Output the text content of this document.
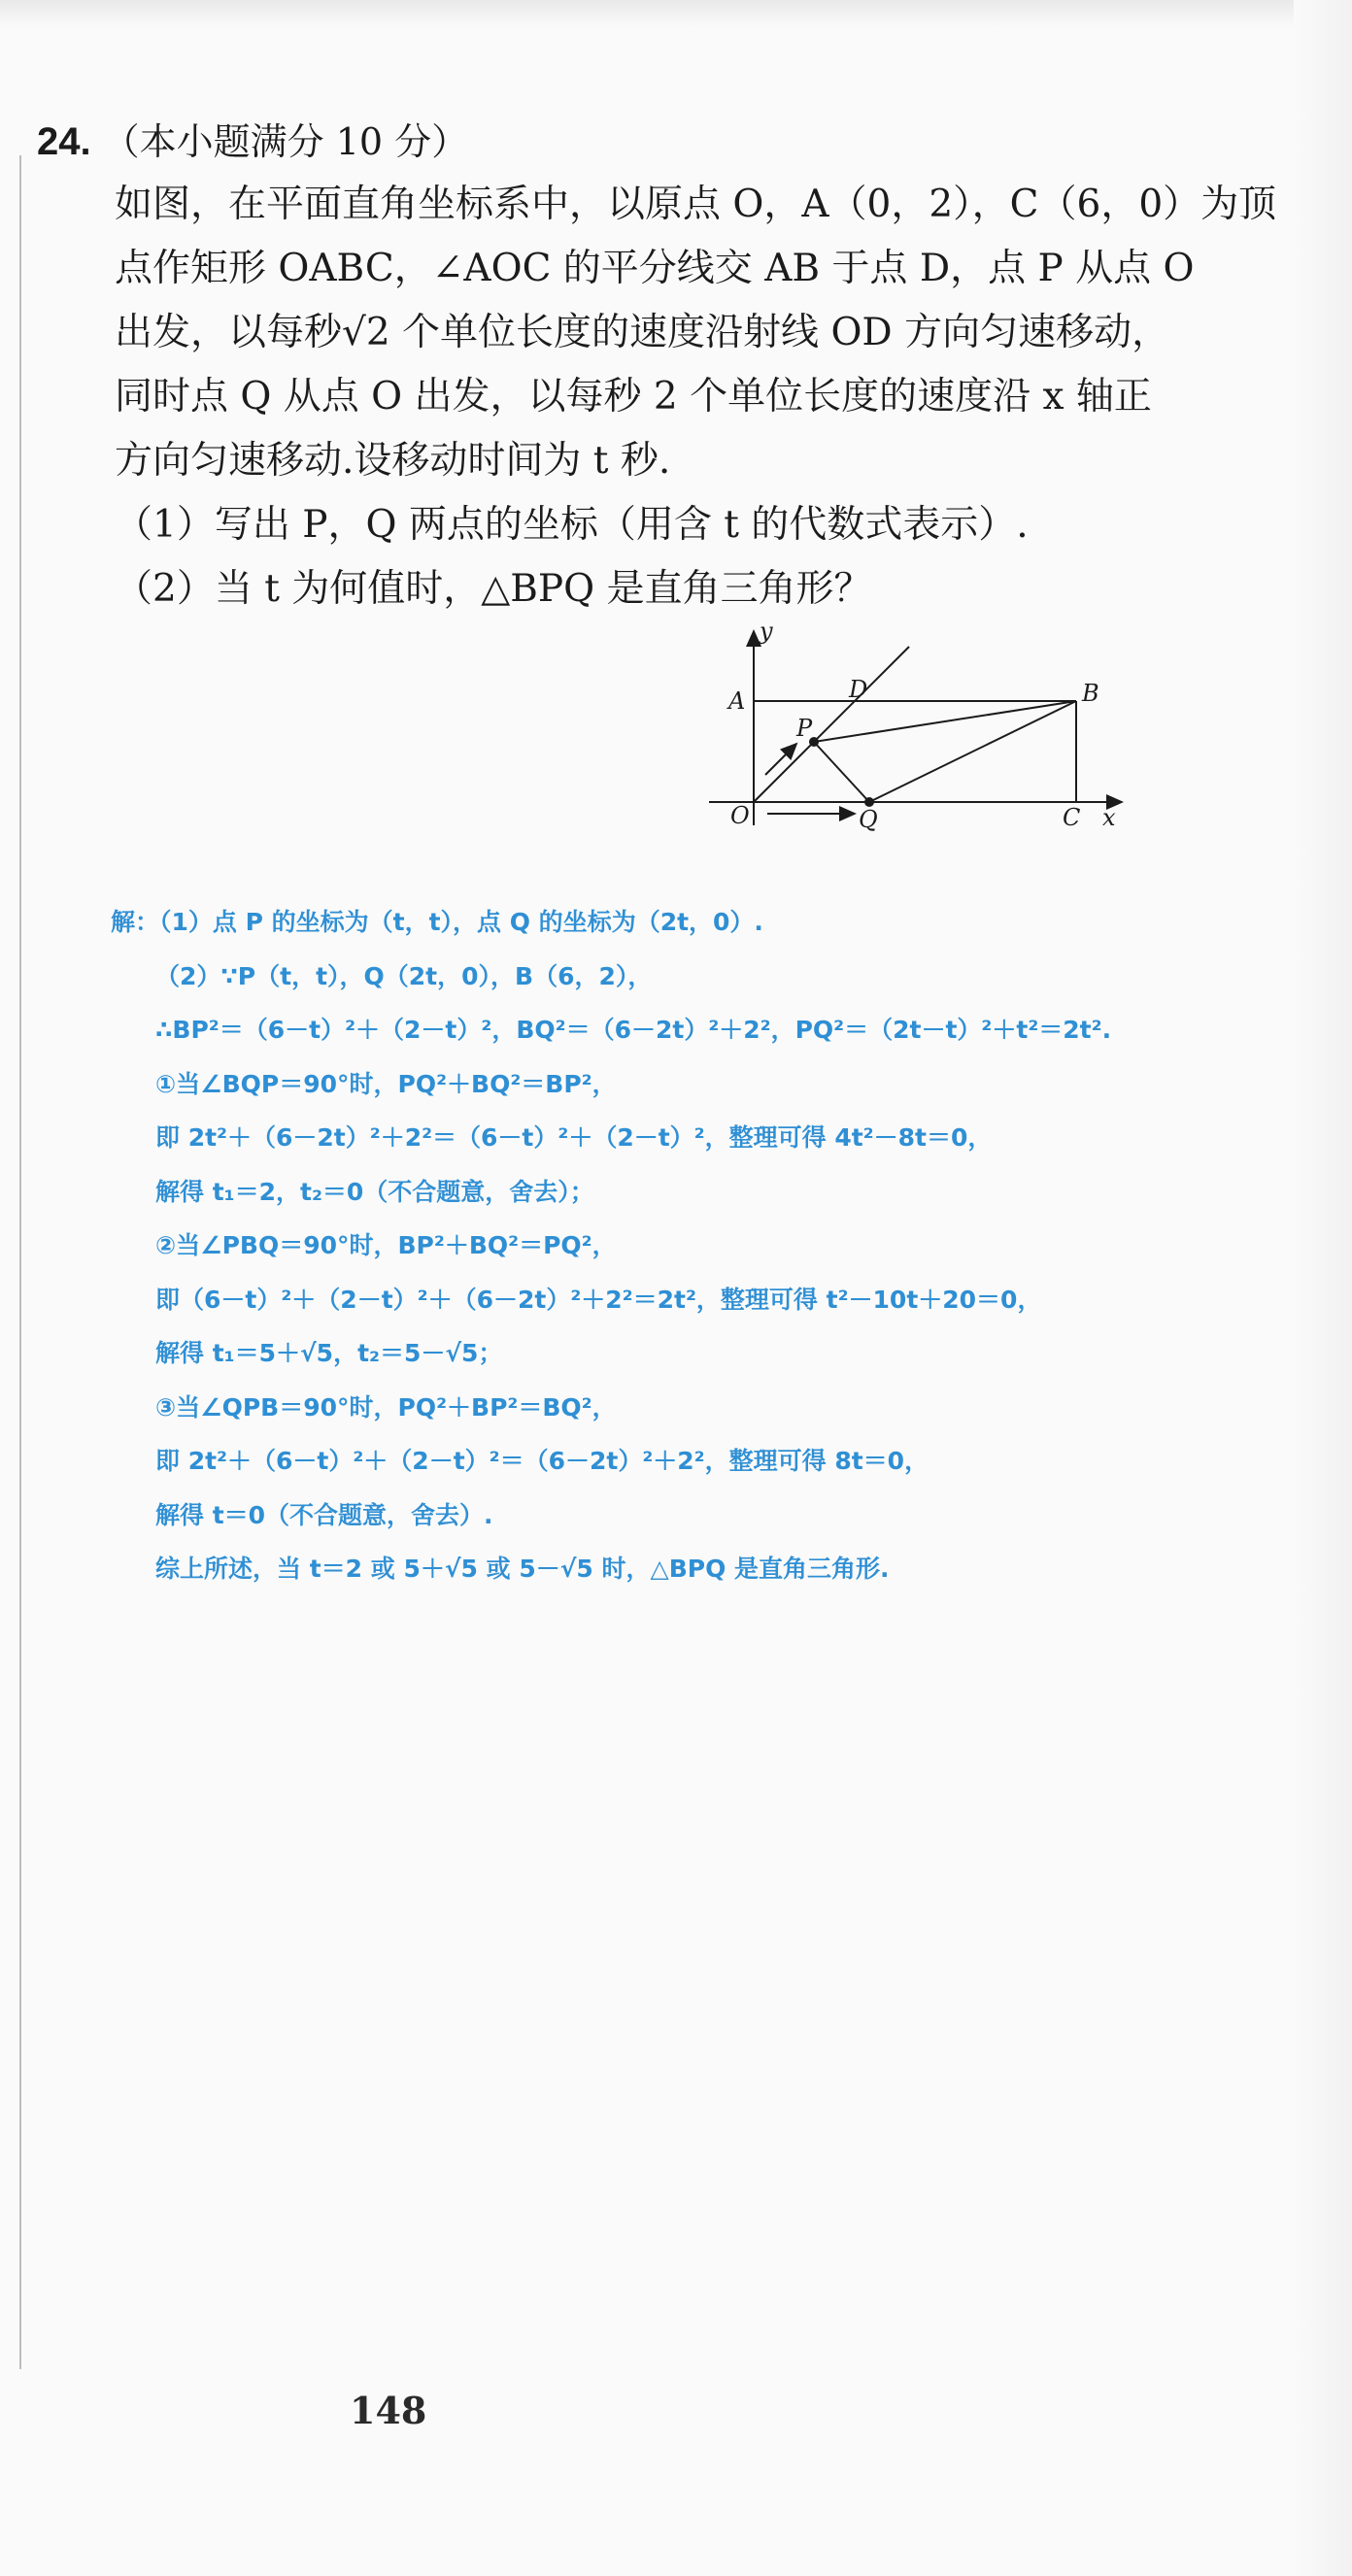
24. （本小题满分 10 分）
如图，在平面直角坐标系中，以原点 O，A（0，2），C（6，0）为顶
点作矩形 OABC，∠AOC 的平分线交 AB 于点 D，点 P 从点 O
出发，以每秒√2 个单位长度的速度沿射线 OD 方向匀速移动，
同时点 Q 从点 O 出发，以每秒 2 个单位长度的速度沿 x 轴正
方向匀速移动.设移动时间为 t 秒.
（1）写出 P，Q 两点的坐标（用含 t 的代数式表示）.
（2）当 t 为何值时，△BPQ 是直角三角形？
y
A	D	B
P
O	Q	C x
解：（1）点 P 的坐标为（t，t），点 Q 的坐标为（2t，0）.
（2）∵P（t，t），Q（2t，0），B（6，2），
∴BP²＝（6－t）²＋（2－t）²，BQ²＝（6－2t）²＋2²，PQ²＝（2t－t）²＋t²＝2t².
①当∠BQP＝90°时，PQ²＋BQ²＝BP²，
即 2t²＋（6－2t）²＋2²＝（6－t）²＋（2－t）²，整理可得 4t²－8t＝0，
解得 t₁＝2，t₂＝0（不合题意，舍去）；
②当∠PBQ＝90°时，BP²＋BQ²＝PQ²，
即（6－t）²＋（2－t）²＋（6－2t）²＋2²＝2t²，整理可得 t²－10t＋20＝0，
解得 t₁＝5＋√5，t₂＝5－√5；
③当∠QPB＝90°时，PQ²＋BP²＝BQ²，
即 2t²＋（6－t）²＋（2－t）²＝（6－2t）²＋2²，整理可得 8t＝0，
解得 t＝0（不合题意，舍去）.
综上所述，当 t＝2 或 5＋√5 或 5－√5 时，△BPQ 是直角三角形.
148
